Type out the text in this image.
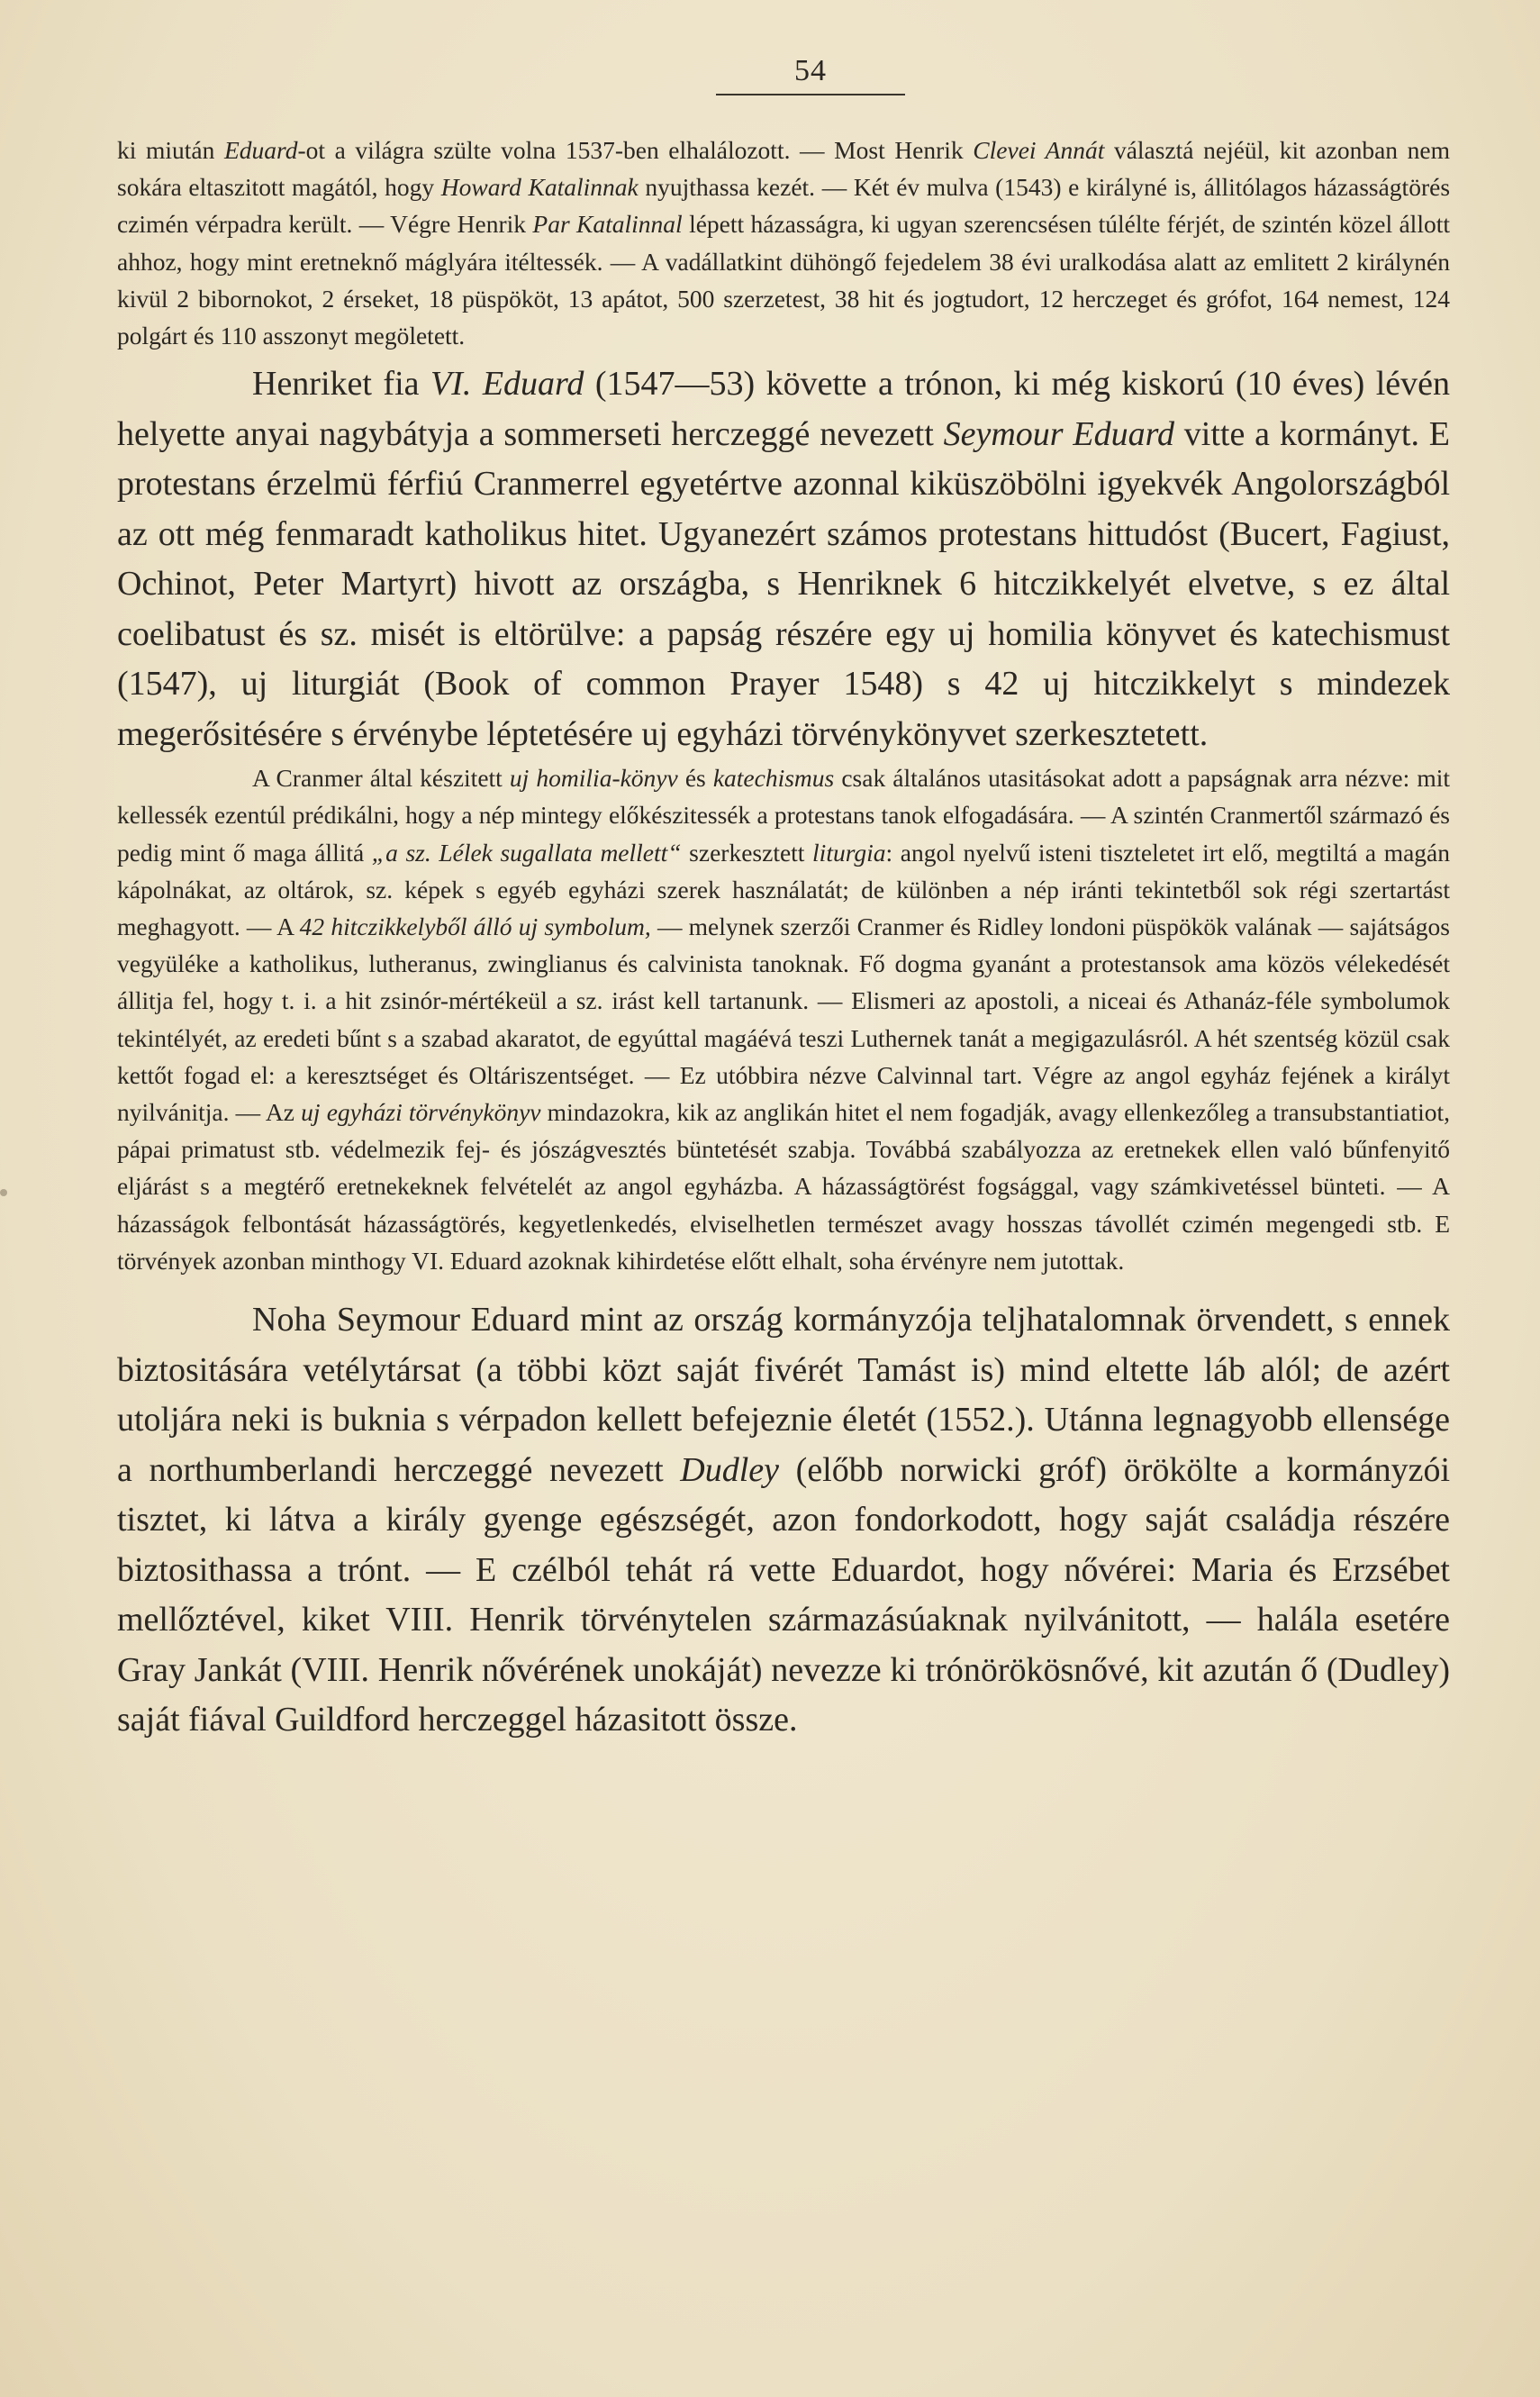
54

ki miután Eduard-ot a világra szülte volna 1537-ben elhalálozott. — Most Henrik Clevei Annát választá nejéül, kit azonban nem sokára eltaszitott magától, hogy Howard Katalinnak nyujthassa kezét. — Két év mulva (1543) e királyné is, állitólagos házasságtörés czimén vérpadra került. — Végre Henrik Par Katalinnal lépett házasságra, ki ugyan szerencsésen túlélte férjét, de szintén közel állott ahhoz, hogy mint eretneknő máglyára itéltessék. — A vadállatkint dühöngő fejedelem 38 évi uralkodása alatt az emlitett 2 királynén kivül 2 bibornokot, 2 érseket, 18 püspököt, 13 apátot, 500 szerzetest, 38 hit és jogtudort, 12 herczeget és grófot, 164 nemest, 124 polgárt és 110 asszonyt megöletett.

Henriket fia VI. Eduard (1547—53) követte a trónon, ki még kiskorú (10 éves) lévén helyette anyai nagybátyja a sommerseti herczeggé nevezett Seymour Eduard vitte a kormányt. E protestans érzelmü férfiú Cranmerrel egyetértve azonnal kiküszöbölni igyekvék Angolországból az ott még fenmaradt katholikus hitet. Ugyanezért számos protestans hittudóst (Bucert, Fagiust, Ochinot, Peter Martyrt) hivott az országba, s Henriknek 6 hitczikkelyét elvetve, s ez által coelibatust és sz. misét is eltörülve: a papság részére egy uj homilia könyvet és katechismust (1547), uj liturgiát (Book of common Prayer 1548) s 42 uj hitczikkelyt s mindezek megerősitésére s érvénybe léptetésére uj egyházi törvénykönyvet szerkesztetett.

A Cranmer által készitett uj homilia-könyv és katechismus csak általános utasitásokat adott a papságnak arra nézve: mit kellessék ezentúl prédikálni, hogy a nép mintegy előkészitessék a protestans tanok elfogadására. — A szintén Cranmertől származó és pedig mint ő maga állitá „a sz. Lélek sugallata mellett“ szerkesztett liturgia: angol nyelvű isteni tiszteletet irt elő, megtiltá a magán kápolnákat, az oltárok, sz. képek s egyéb egyházi szerek használatát; de különben a nép iránti tekintetből sok régi szertartást meghagyott. — A 42 hitczikkelyből álló uj symbolum, — melynek szerzői Cranmer és Ridley londoni püspökök valának — sajátságos vegyüléke a katholikus, lutheranus, zwinglianus és calvinista tanoknak. Fő dogma gyanánt a protestansok ama közös vélekedését állitja fel, hogy t. i. a hit zsinór-mértékeül a sz. irást kell tartanunk. — Elismeri az apostoli, a niceai és Athanáz-féle symbolumok tekintélyét, az eredeti bűnt s a szabad akaratot, de egyúttal magáévá teszi Luthernek tanát a megigazulásról. A hét szentség közül csak kettőt fogad el: a keresztséget és Oltáriszentséget. — Ez utóbbira nézve Calvinnal tart. Végre az angol egyház fejének a királyt nyilvánitja. — Az uj egyházi törvénykönyv mindazokra, kik az anglikán hitet el nem fogadják, avagy ellenkezőleg a transubstantiatiot, pápai primatust stb. védelmezik fej- és jószágvesztés büntetését szabja. Továbbá szabályozza az eretnekek ellen való bűnfenyitő eljárást s a megtérő eretnekeknek felvételét az angol egyházba. A házasságtörést fogsággal, vagy számkivetéssel bünteti. — A házasságok felbontását házasságtörés, kegyetlenkedés, elviselhetlen természet avagy hosszas távollét czimén megengedi stb. E törvények azonban minthogy VI. Eduard azoknak kihirdetése előtt elhalt, soha érvényre nem jutottak.

Noha Seymour Eduard mint az ország kormányzója teljhatalomnak örvendett, s ennek biztositására vetélytársat (a többi közt saját fivérét Tamást is) mind eltette láb alól; de azért utoljára neki is buknia s vérpadon kellett befejeznie életét (1552.). Utánna legnagyobb ellensége a northumberlandi herczeggé nevezett Dudley (előbb norwicki gróf) örökölte a kormányzói tisztet, ki látva a király gyenge egészségét, azon fondorkodott, hogy saját családja részére biztosithassa a trónt. — E czélból tehát rá vette Eduardot, hogy nővérei: Maria és Erzsébet mellőztével, kiket VIII. Henrik törvénytelen származásúaknak nyilvánitott, — halála esetére Gray Jankát (VIII. Henrik nővérének unokáját) nevezze ki trónörökösnővé, kit azután ő (Dudley) saját fiával Guildford herczeggel házasitott össze.
